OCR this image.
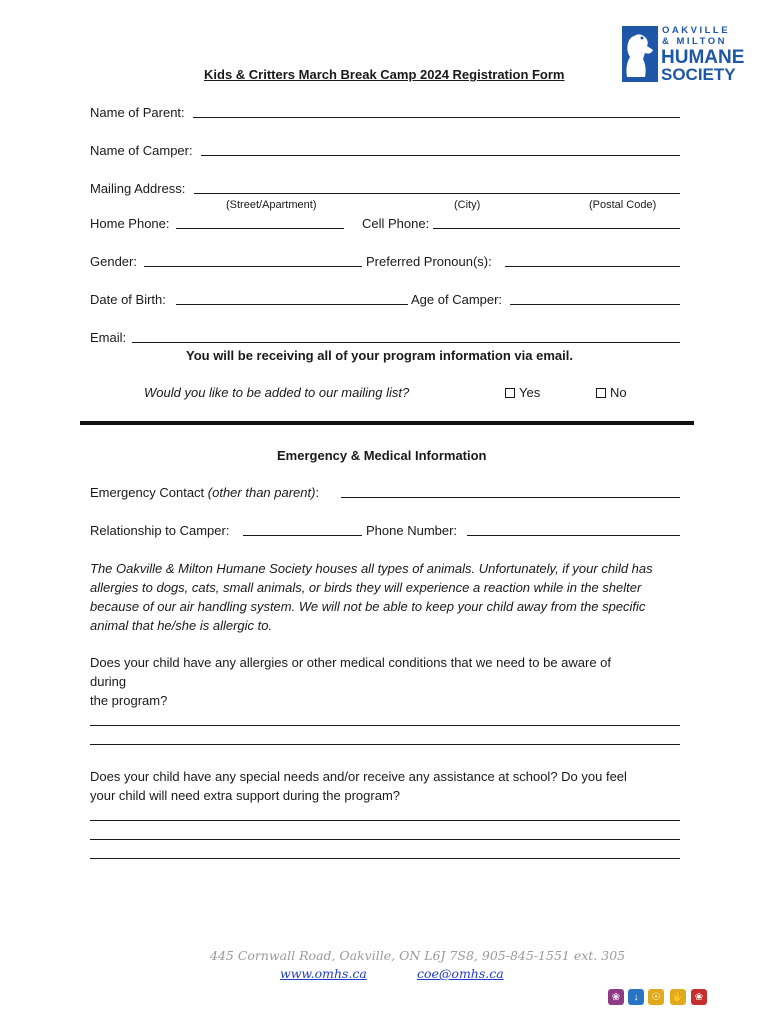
OAKVILLE
& MILTON
HUMANE
SOCIETY
Kids & Critters March Break Camp 2024 Registration Form
Name of Parent:
Name of Camper:
Mailing Address:
(Street/Apartment)	(City)	(Postal Code)
Home Phone:	Cell Phone:
Gender:	Preferred Pronoun(s):
Date of Birth:	Age of Camper:
Email:
You will be receiving all of your program information via email.
Would you like to be added to our mailing list?	Yes	No
Emergency & Medical Information
Emergency Contact (other than parent):
Relationship to Camper:	Phone Number:
The Oakville & Milton Humane Society houses all types of animals. Unfortunately, if your child has allergies to dogs, cats, small animals, or birds they will experience a reaction while in the shelter because of our air handling system. We will not be able to keep your child away from the specific animal that he/she is allergic to.
Does your child have any allergies or other medical conditions that we need to be aware of
during
the program?
Does your child have any special needs and/or receive any assistance at school? Do you feel
your child will need extra support during the program?
445 Cornwall Road, Oakville, ON L6J 7S8, 905-845-1551 ext. 305
www.omhs.ca	coe@omhs.ca
❀	↓	☉	✋	❀
